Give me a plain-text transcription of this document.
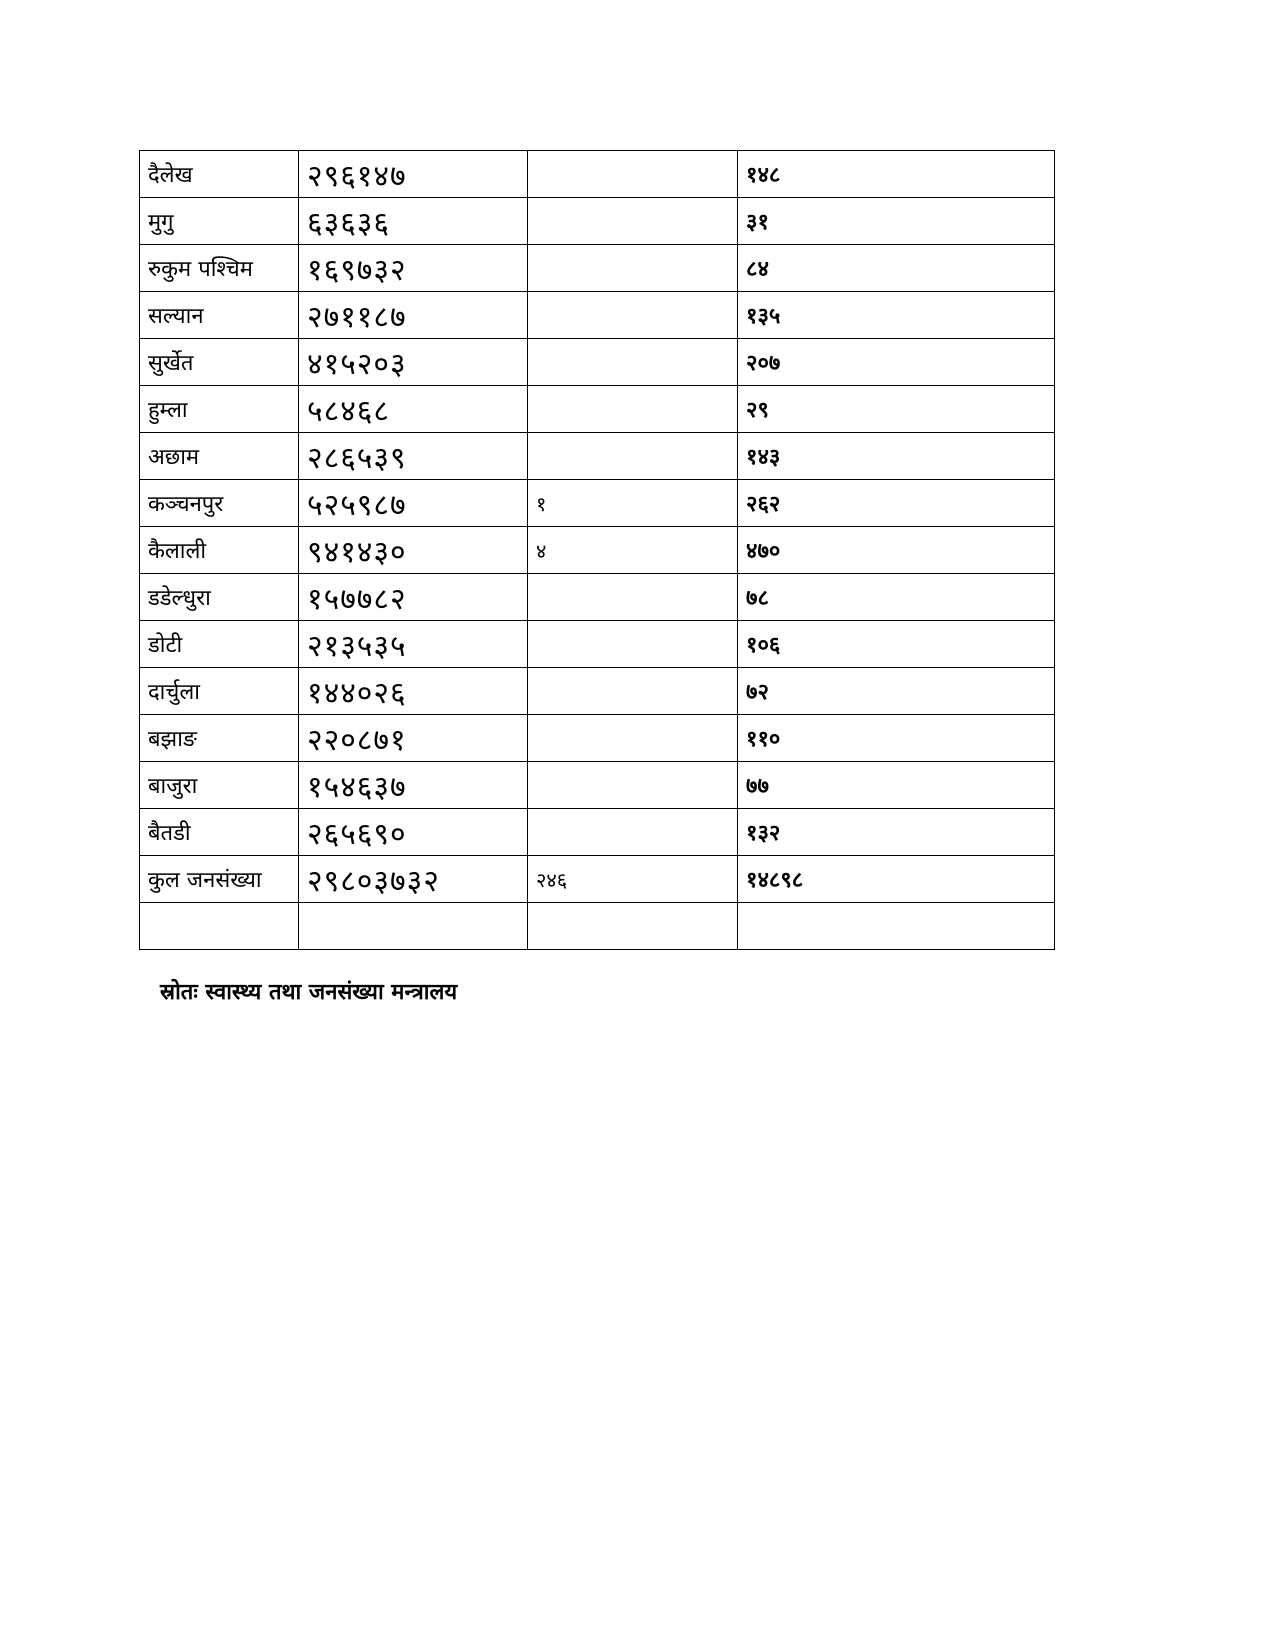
दैलेख	२९६१४७		१४८
मुगु	६३६३६		३१
रुकुम पश्चिम	१६९७३२		८४
सल्यान	२७११८७		१३५
सुर्खेत	४१५२०३		२०७
हुम्ला	५८४६८		२९
अछाम	२८६५३९		१४३
कञ्चनपुर	५२५९८७	१	२६२
कैलाली	९४१४३०	४	४७०
डडेल्धुरा	१५७७८२		७८
डोटी	२१३५३५		१०६
दार्चुला	१४४०२६		७२
बझाङ	२२०८७१		११०
बाजुरा	१५४६३७		७७
बैतडी	२६५६९०		१३२
कुल जनसंख्या	२९८०३७३२	२४६	१४८९८

स्रोतः स्वास्थ्य तथा जनसंख्या मन्त्रालय
